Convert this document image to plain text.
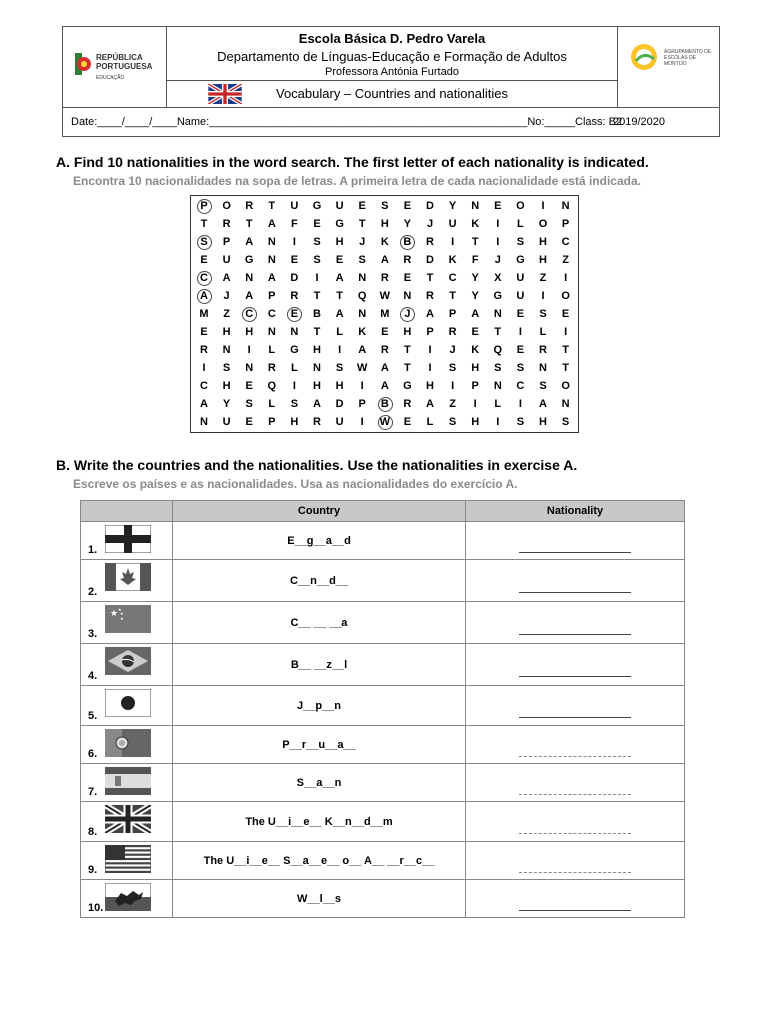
REPÚBLICA
PORTUGUESA
EDUCAÇÃO
Escola Básica D. Pedro Varela
Departamento de Línguas-Educação e Formação de Adultos
Professora Antónia Furtado
Vocabulary – Countries and nationalities
AGRUPAMENTO DE ESCOLAS DE MONTIJO
Date:____/____/____Name:____________________________________________________No:_____Class: B2
2019/2020
A. Find 10 nationalities in the word search. The first letter of each nationality is indicated.
Encontra 10 nacionalidades na sopa de letras. A primeira letra de cada nacionalidade está indicada.
P	O	R	T	U	G	U	E	S	E	D	Y	N	E	O	I	N
T	R	T	A	F	E	G	T	H	Y	J	U	K	I	L	O	P
S	P	A	N	I	S	H	J	K	B	R	I	T	I	S	H	C
E	U	G	N	E	S	E	S	A	R	D	K	F	J	G	H	Z
C	A	N	A	D	I	A	N	R	E	T	C	Y	X	U	Z	I
A	J	A	P	R	T	T	Q	W	N	R	T	Y	G	U	I	O
M	Z	C	C	E	B	A	N	M	J	A	P	A	N	E	S	E
E	H	H	N	N	T	L	K	E	H	P	R	E	T	I	L	I
R	N	I	L	G	H	I	A	R	T	I	J	K	Q	E	R	T
I	S	N	R	L	N	S	W	A	T	I	S	H	S	S	N	T
C	H	E	Q	I	H	H	I	A	G	H	I	P	N	C	S	O
A	Y	S	L	S	A	D	P	B	R	A	Z	I	L	I	A	N
N	U	E	P	H	R	U	I	W	E	L	S	H	I	S	H	S
B. Write the countries and the nationalities. Use the nationalities in exercise A.
Escreve os países e as nacionalidades. Usa as nacionalidades do exercício A.
	Country	Nationality

1.	E__g__a__d	

2.	C__n__d__	

★ ★
★
★
3.	C__ __ __a	

4.	B__ __z__l	

5.	J__p__n	

6.	P__r__u__a__	

7.	S__a__n	

8.	The U__i__e__ K__n__d__m	

9.	The U__i__e__ S__a__e__ o__ A__ __r__c__	

10.	W__l__s	
